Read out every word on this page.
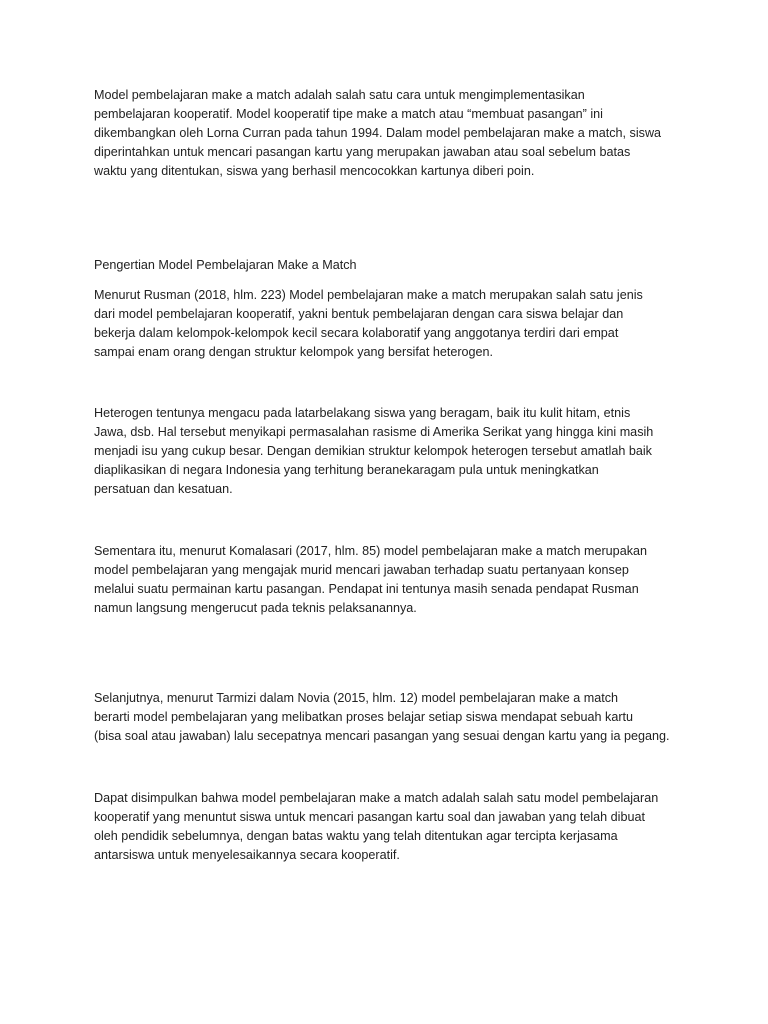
Model pembelajaran make a match adalah salah satu cara untuk mengimplementasikan
pembelajaran kooperatif. Model kooperatif tipe make a match atau “membuat pasangan” ini
dikembangkan oleh Lorna Curran pada tahun 1994. Dalam model pembelajaran make a match, siswa
diperintahkan untuk mencari pasangan kartu yang merupakan jawaban atau soal sebelum batas
waktu yang ditentukan, siswa yang berhasil mencocokkan kartunya diberi poin.

Pengertian Model Pembelajaran Make a Match

Menurut Rusman (2018, hlm. 223) Model pembelajaran make a match merupakan salah satu jenis
dari model pembelajaran kooperatif, yakni bentuk pembelajaran dengan cara siswa belajar dan
bekerja dalam kelompok-kelompok kecil secara kolaboratif yang anggotanya terdiri dari empat
sampai enam orang dengan struktur kelompok yang bersifat heterogen.

Heterogen tentunya mengacu pada latarbelakang siswa yang beragam, baik itu kulit hitam, etnis
Jawa, dsb. Hal tersebut menyikapi permasalahan rasisme di Amerika Serikat yang hingga kini masih
menjadi isu yang cukup besar. Dengan demikian struktur kelompok heterogen tersebut amatlah baik
diaplikasikan di negara Indonesia yang terhitung beranekaragam pula untuk meningkatkan
persatuan dan kesatuan.

Sementara itu, menurut Komalasari (2017, hlm. 85) model pembelajaran make a match merupakan
model pembelajaran yang mengajak murid mencari jawaban terhadap suatu pertanyaan konsep
melalui suatu permainan kartu pasangan. Pendapat ini tentunya masih senada pendapat Rusman
namun langsung mengerucut pada teknis pelaksanannya.

Selanjutnya, menurut Tarmizi dalam Novia (2015, hlm. 12) model pembelajaran make a match
berarti model pembelajaran yang melibatkan proses belajar setiap siswa mendapat sebuah kartu
(bisa soal atau jawaban) lalu secepatnya mencari pasangan yang sesuai dengan kartu yang ia pegang.

Dapat disimpulkan bahwa model pembelajaran make a match adalah salah satu model pembelajaran
kooperatif yang menuntut siswa untuk mencari pasangan kartu soal dan jawaban yang telah dibuat
oleh pendidik sebelumnya, dengan batas waktu yang telah ditentukan agar tercipta kerjasama
antarsiswa untuk menyelesaikannya secara kooperatif.
